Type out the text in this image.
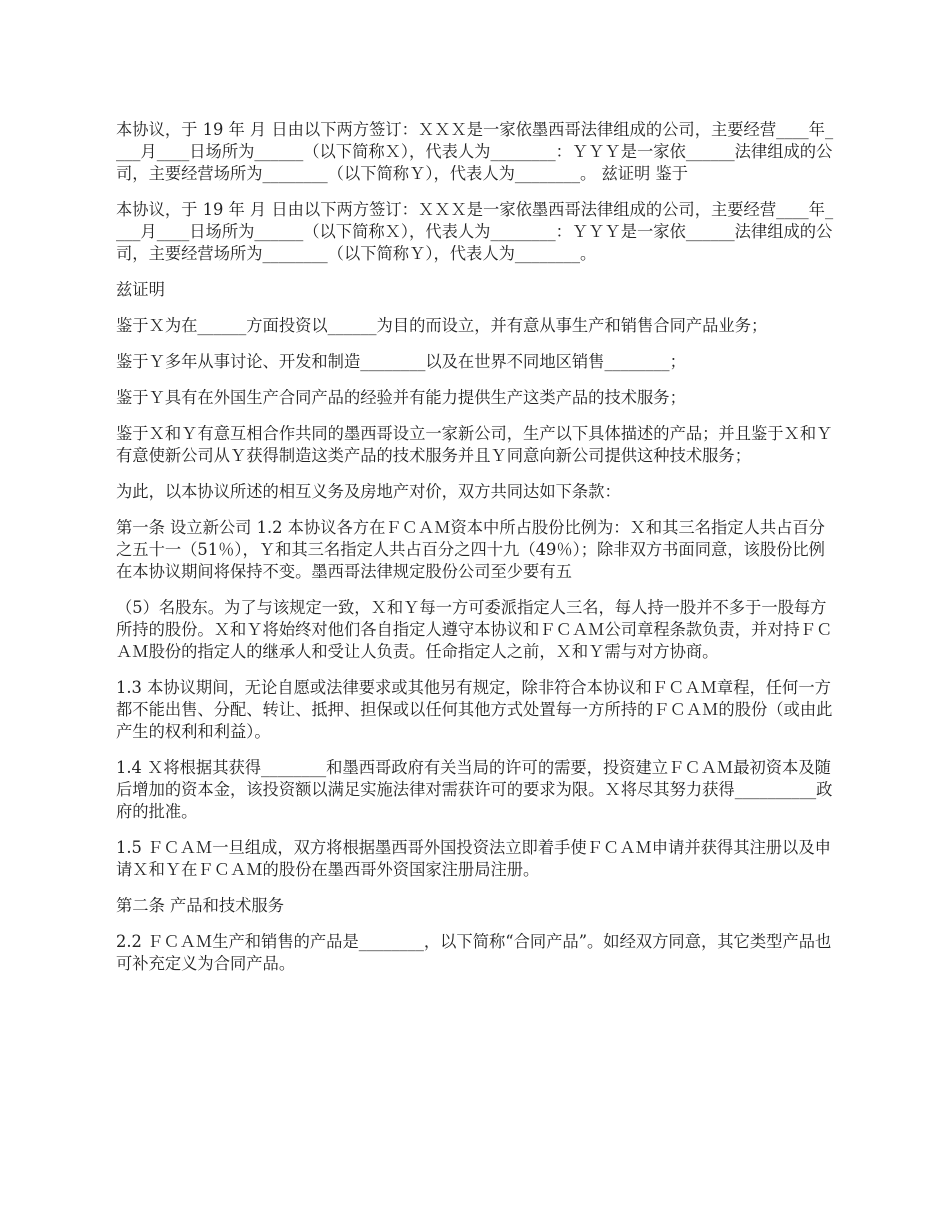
本协议，于 19 年 月 日由以下两方签订：ＸＸＸ是一家依墨西哥法律组成的公司，主要经营____年____月____日场所为______（以下简称Ｘ），代表人为________：ＹＹＹ是一家依______法律组成的公司，主要经营场所为________（以下简称Ｙ），代表人为________。 兹证明 鉴于

本协议，于 19 年 月 日由以下两方签订：ＸＸＸ是一家依墨西哥法律组成的公司，主要经营____年____月____日场所为______（以下简称Ｘ），代表人为________：ＹＹＹ是一家依______法律组成的公司，主要经营场所为________（以下简称Ｙ），代表人为________。

兹证明

鉴于Ｘ为在______方面投资以______为目的而设立，并有意从事生产和销售合同产品业务；

鉴于Ｙ多年从事讨论、开发和制造________以及在世界不同地区销售________；

鉴于Ｙ具有在外国生产合同产品的经验并有能力提供生产这类产品的技术服务；

鉴于Ｘ和Ｙ有意互相合作共同的墨西哥设立一家新公司，生产以下具体描述的产品；并且鉴于Ｘ和Ｙ有意使新公司从Ｙ获得制造这类产品的技术服务并且Ｙ同意向新公司提供这种技术服务；

为此，以本协议所述的相互义务及房地产对价，双方共同达如下条款：

第一条 设立新公司 1.2 本协议各方在ＦＣＡＭ资本中所占股份比例为：Ｘ和其三名指定人共占百分之五十一（51％），Ｙ和其三名指定人共占百分之四十九（49％）；除非双方书面同意，该股份比例在本协议期间将保持不变。墨西哥法律规定股份公司至少要有五

（5）名股东。为了与该规定一致，Ｘ和Ｙ每一方可委派指定人三名，每人持一股并不多于一股每方所持的股份。Ｘ和Ｙ将始终对他们各自指定人遵守本协议和ＦＣＡＭ公司章程条款负责，并对持ＦＣＡＭ股份的指定人的继承人和受让人负责。任命指定人之前，Ｘ和Ｙ需与对方协商。

1.3 本协议期间，无论自愿或法律要求或其他另有规定，除非符合本协议和ＦＣＡＭ章程，任何一方都不能出售、分配、转让、抵押、担保或以任何其他方式处置每一方所持的ＦＣＡＭ的股份（或由此产生的权利和利益）。

1.4 Ｘ将根据其获得________和墨西哥政府有关当局的许可的需要，投资建立ＦＣＡＭ最初资本及随后增加的资本金，该投资额以满足实施法律对需获许可的要求为限。Ｘ将尽其努力获得__________政府的批准。

1.5 ＦＣＡＭ一旦组成，双方将根据墨西哥外国投资法立即着手使ＦＣＡＭ申请并获得其注册以及申请Ｘ和Ｙ在ＦＣＡＭ的股份在墨西哥外资国家注册局注册。

第二条 产品和技术服务

2.2 ＦＣＡＭ生产和销售的产品是________，以下简称“合同产品”。如经双方同意，其它类型产品也可补充定义为合同产品。
